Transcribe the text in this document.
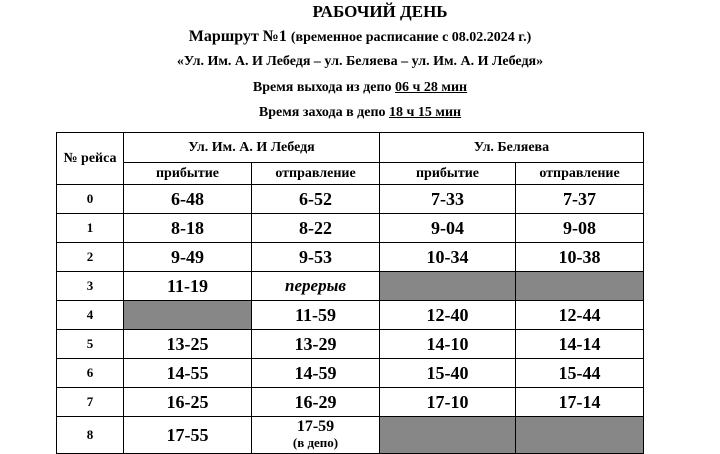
РАБОЧИЙ ДЕНЬ
Маршрут №1 (временное расписание с 08.02.2024 г.)
«Ул. Им. А. И Лебедя – ул. Беляева – ул. Им. А. И Лебедя»
Время выхода из депо 06 ч 28 мин
Время захода в депо 18 ч 15 мин
№ рейса	Ул. Им. А. И Лебедя		Ул. Беляева	
	прибытие	отправление	прибытие	отправление
0	6-48	6-52	7-33	7-37
1	8-18	8-22	9-04	9-08
2	9-49	9-53	10-34	10-38
3	11-19	перерыв		
4		11-59	12-40	12-44
5	13-25	13-29	14-10	14-14
6	14-55	14-59	15-40	15-44
7	16-25	16-29	17-10	17-14
8	17-55	17-59
(в депо)		
